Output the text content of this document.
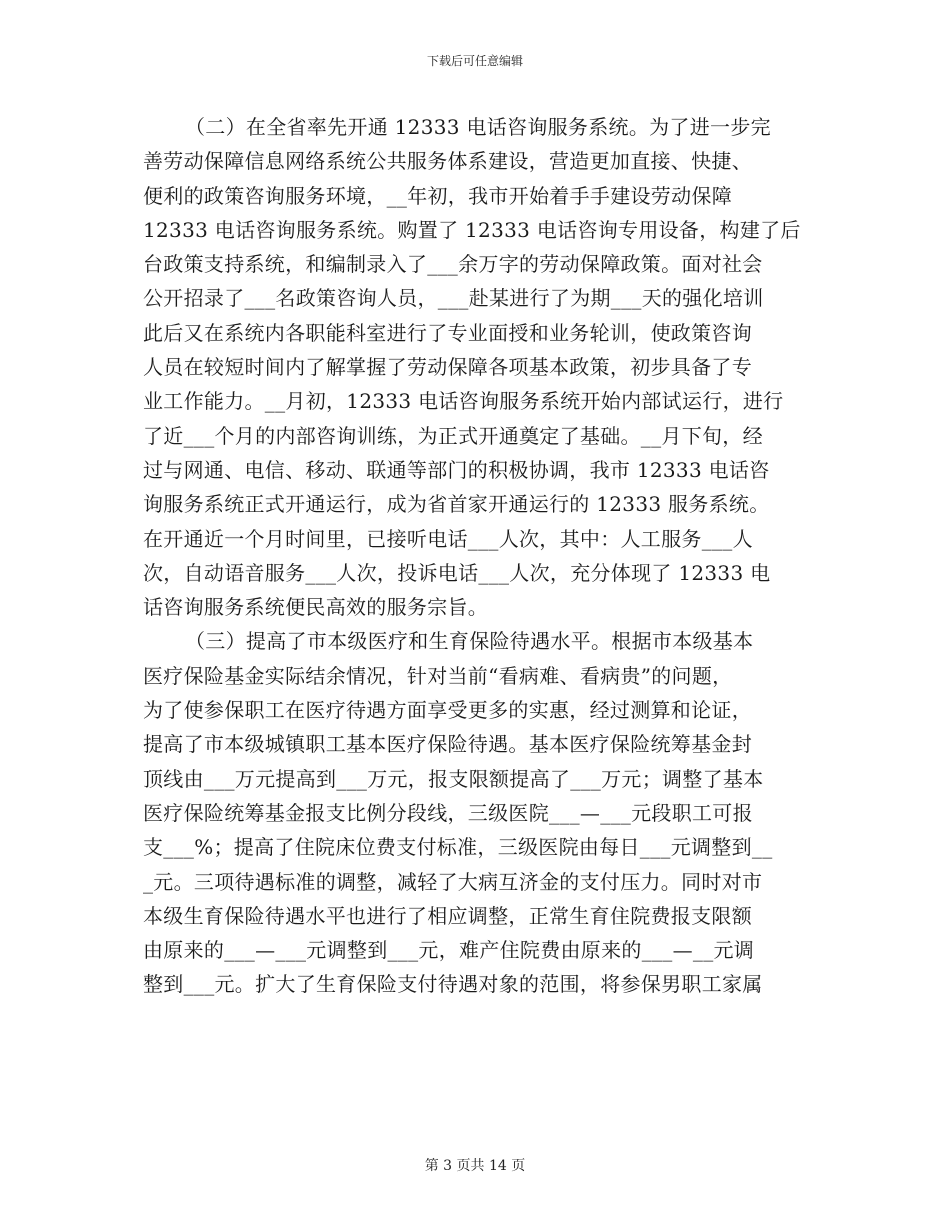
下载后可任意编辑
（二）在全省率先开通 12333 电话咨询服务系统。为了进一步完
善劳动保障信息网络系统公共服务体系建设，营造更加直接、快捷、
便利的政策咨询服务环境，__年初，我市开始着手手建设劳动保障
12333 电话咨询服务系统。购置了 12333 电话咨询专用设备，构建了后
台政策支持系统，和编制录入了___余万字的劳动保障政策。面对社会
公开招录了___名政策咨询人员，___赴某进行了为期___天的强化培训
此后又在系统内各职能科室进行了专业面授和业务轮训，使政策咨询
人员在较短时间内了解掌握了劳动保障各项基本政策，初步具备了专
业工作能力。__月初，12333 电话咨询服务系统开始内部试运行，进行
了近___个月的内部咨询训练，为正式开通奠定了基础。__月下旬，经
过与网通、电信、移动、联通等部门的积极协调，我市 12333 电话咨
询服务系统正式开通运行，成为省首家开通运行的 12333 服务系统。
在开通近一个月时间里，已接听电话___人次，其中：人工服务___人
次，自动语音服务___人次，投诉电话___人次，充分体现了 12333 电
话咨询服务系统便民高效的服务宗旨。
（三）提高了市本级医疗和生育保险待遇水平。根据市本级基本
医疗保险基金实际结余情况，针对当前“看病难、看病贵”的问题，
为了使参保职工在医疗待遇方面享受更多的实惠，经过测算和论证，
提高了市本级城镇职工基本医疗保险待遇。基本医疗保险统筹基金封
顶线由___万元提高到___万元，报支限额提高了___万元；调整了基本
医疗保险统筹基金报支比例分段线，三级医院___—___元段职工可报
支___%；提高了住院床位费支付标准，三级医院由每日___元调整到__
_元。三项待遇标准的调整，减轻了大病互济金的支付压力。同时对市
本级生育保险待遇水平也进行了相应调整，正常生育住院费报支限额
由原来的___—___元调整到___元，难产住院费由原来的___—__元调
整到___元。扩大了生育保险支付待遇对象的范围，将参保男职工家属
第 3 页共 14 页
